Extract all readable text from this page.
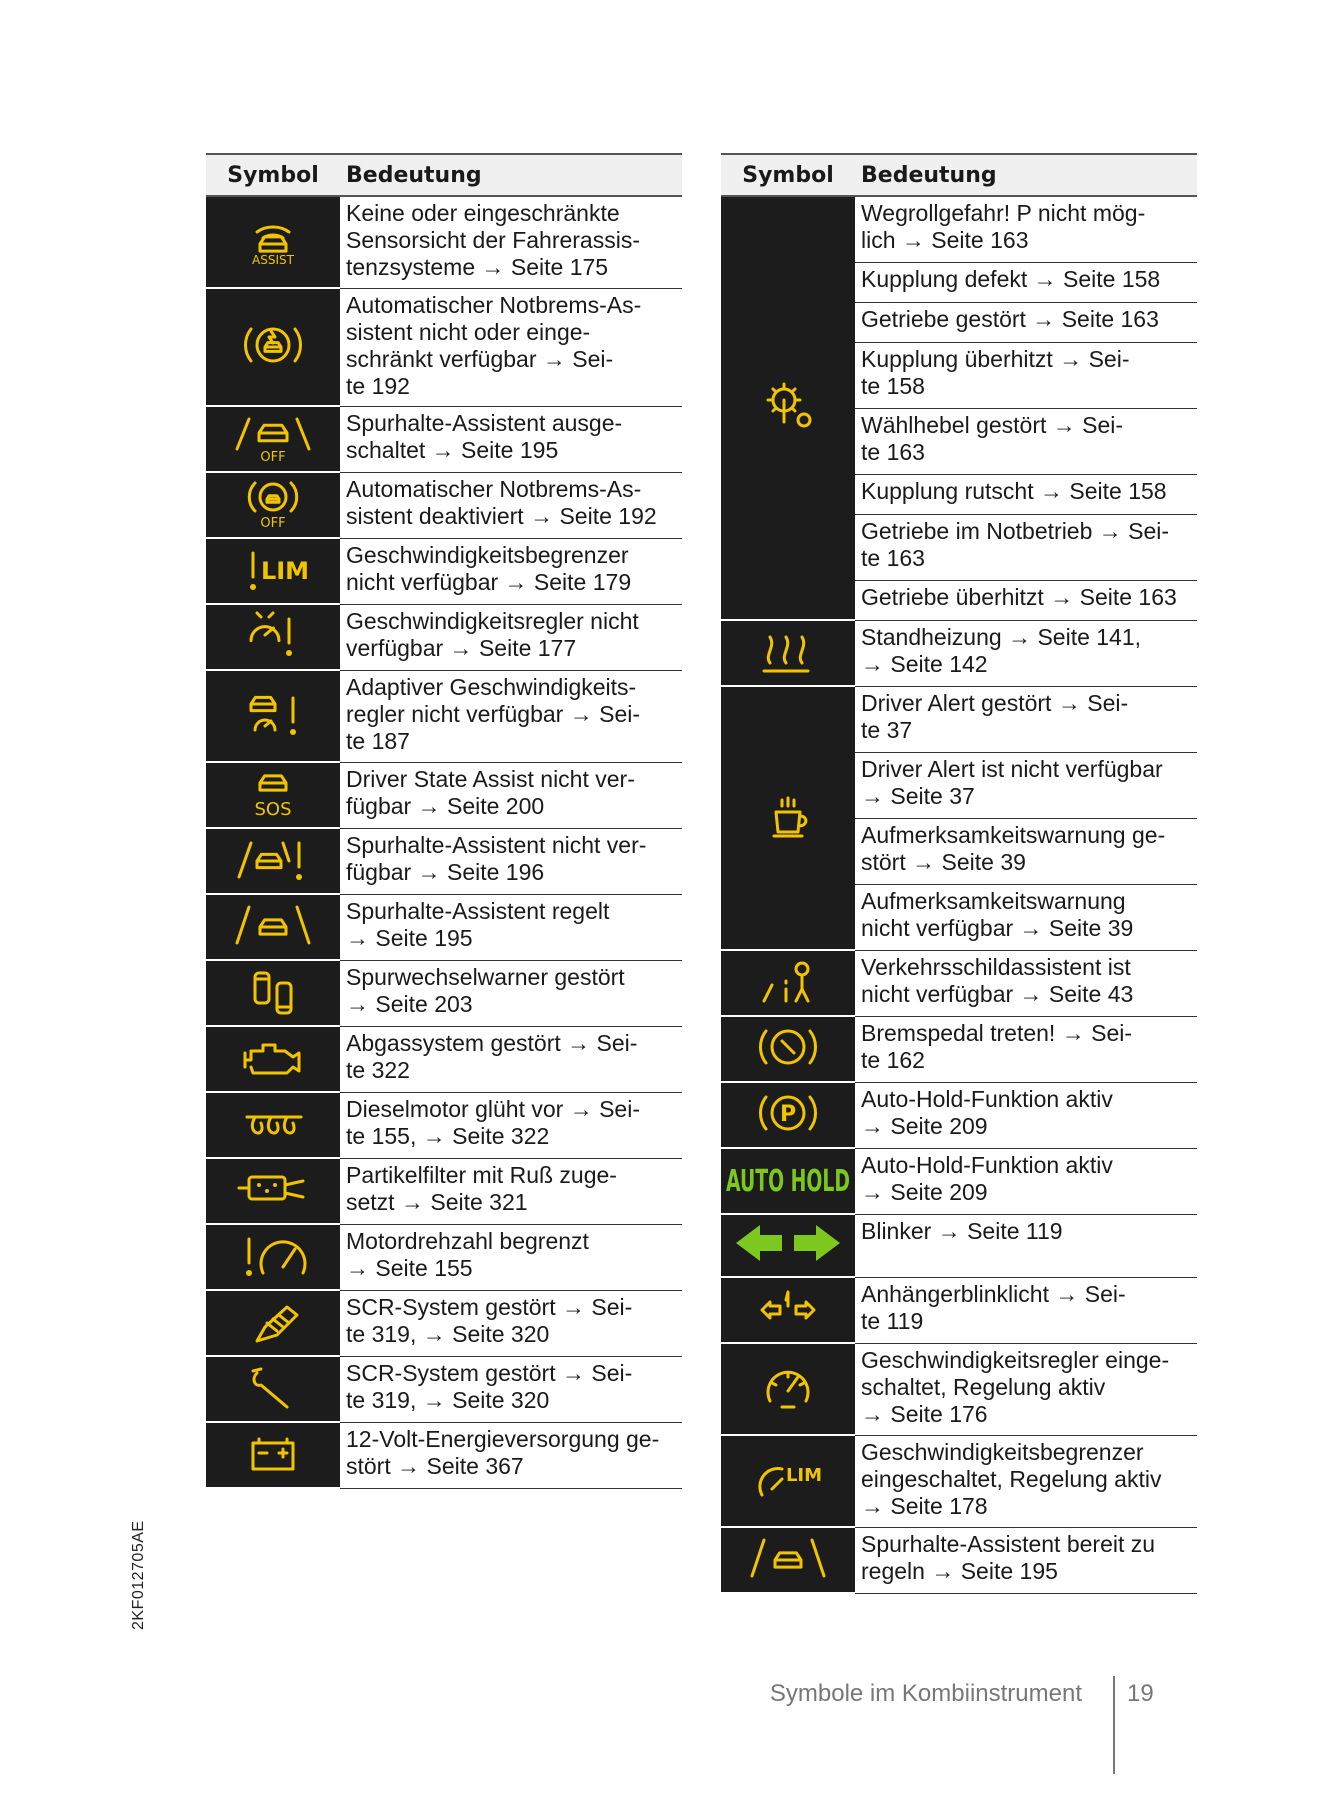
Symbol	Bedeutung

ASSIST	Keine oder eingeschränkte
Sensorsicht der Fahrerassis-
tenzsysteme → Seite 175

Automatischer Notbrems-As-
sistent nicht oder einge-
schränkt verfügbar → Sei-
te 192

OFF	Spurhalte-Assistent ausge-
schaltet → Seite 195

OFF	Automatischer Notbrems-As-
sistent deaktiviert → Seite 192

LIM	Geschwindigkeitsbegrenzer
nicht verfügbar → Seite 179

Geschwindigkeitsregler nicht
verfügbar → Seite 177

Adaptiver Geschwindigkeits-
regler nicht verfügbar → Sei-
te 187

SOS	Driver State Assist nicht ver-
fügbar → Seite 200

Spurhalte-Assistent nicht ver-
fügbar → Seite 196

Spurhalte-Assistent regelt
→ Seite 195

Spurwechselwarner gestört
→ Seite 203

Abgassystem gestört → Sei-
te 322

Dieselmotor glüht vor → Sei-
te 155, → Seite 322

Partikelfilter mit Ruß zuge-
setzt → Seite 321

Motordrehzahl begrenzt
→ Seite 155

SCR-System gestört → Sei-
te 319, → Seite 320

SCR-System gestört → Sei-
te 319, → Seite 320

12-Volt-Energieversorgung ge-
stört → Seite 367
Symbol	Bedeutung

Wegrollgefahr! P nicht mög-
lich → Seite 163

	Kupplung defekt → Seite 158

	Getriebe gestört → Seite 163

	Kupplung überhitzt → Sei-
te 158

	Wählhebel gestört → Sei-
te 163

	Kupplung rutscht → Seite 158

	Getriebe im Notbetrieb → Sei-
te 163

	Getriebe überhitzt → Seite 163

Standheizung → Seite 141,
→ Seite 142

Driver Alert gestört → Sei-
te 37

	Driver Alert ist nicht verfügbar
→ Seite 37

	Aufmerksamkeitswarnung ge-
stört → Seite 39

	Aufmerksamkeitswarnung
nicht verfügbar → Seite 39

Verkehrsschildassistent ist
nicht verfügbar → Seite 43

Bremspedal treten! → Sei-
te 162

P	Auto-Hold-Funktion aktiv
→ Seite 209

AUTO HOLD	Auto-Hold-Funktion aktiv
→ Seite 209

Blinker → Seite 119

Anhängerblinklicht → Sei-
te 119

Geschwindigkeitsregler einge-
schaltet, Regelung aktiv
→ Seite 176

LIM	Geschwindigkeitsbegrenzer
eingeschaltet, Regelung aktiv
→ Seite 178

Spurhalte-Assistent bereit zu
regeln → Seite 195
2KF012705AE
Symbole im Kombiinstrument 19
